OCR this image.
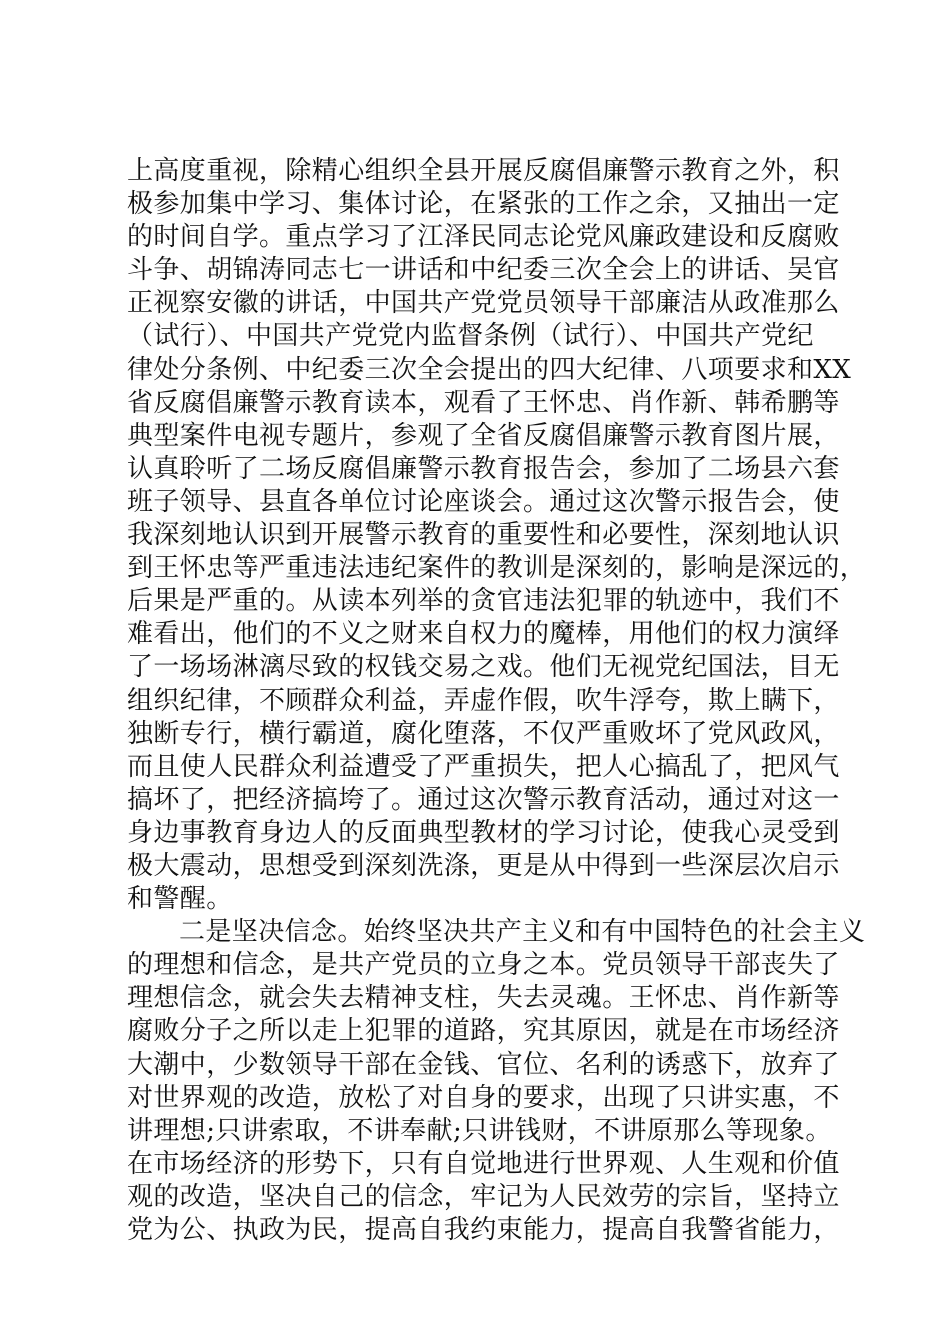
上高度重视，除精心组织全县开展反腐倡廉警示教育之外，积
极参加集中学习、集体讨论，在紧张的工作之余，又抽出一定
的时间自学。重点学习了江泽民同志论党风廉政建设和反腐败
斗争、胡锦涛同志七一讲话和中纪委三次全会上的讲话、吴官
正视察安徽的讲话，中国共产党党员领导干部廉洁从政准那么
（试行）、中国共产党党内监督条例（试行）、中国共产党纪
律处分条例、中纪委三次全会提出的四大纪律、八项要求和XX
省反腐倡廉警示教育读本，观看了王怀忠、肖作新、韩希鹏等
典型案件电视专题片，参观了全省反腐倡廉警示教育图片展，
认真聆听了二场反腐倡廉警示教育报告会，参加了二场县六套
班子领导、县直各单位讨论座谈会。通过这次警示报告会，使
我深刻地认识到开展警示教育的重要性和必要性，深刻地认识
到王怀忠等严重违法违纪案件的教训是深刻的，影响是深远的，
后果是严重的。从读本列举的贪官违法犯罪的轨迹中，我们不
难看出，他们的不义之财来自权力的魔棒，用他们的权力演绎
了一场场淋漓尽致的权钱交易之戏。他们无视党纪国法，目无
组织纪律，不顾群众利益，弄虚作假，吹牛浮夸，欺上瞒下，
独断专行，横行霸道，腐化堕落，不仅严重败坏了党风政风，
而且使人民群众利益遭受了严重损失，把人心搞乱了，把风气
搞坏了，把经济搞垮了。通过这次警示教育活动，通过对这一
身边事教育身边人的反面典型教材的学习讨论，使我心灵受到
极大震动，思想受到深刻洗涤，更是从中得到一些深层次启示
和警醒。
二是坚决信念。始终坚决共产主义和有中国特色的社会主义
的理想和信念，是共产党员的立身之本。党员领导干部丧失了
理想信念，就会失去精神支柱，失去灵魂。王怀忠、肖作新等
腐败分子之所以走上犯罪的道路，究其原因，就是在市场经济
大潮中，少数领导干部在金钱、官位、名利的诱惑下，放弃了
对世界观的改造，放松了对自身的要求，出现了只讲实惠，不
讲理想;只讲索取，不讲奉献;只讲钱财，不讲原那么等现象。
在市场经济的形势下，只有自觉地进行世界观、人生观和价值
观的改造，坚决自己的信念，牢记为人民效劳的宗旨，坚持立
党为公、执政为民，提高自我约束能力，提高自我警省能力，
